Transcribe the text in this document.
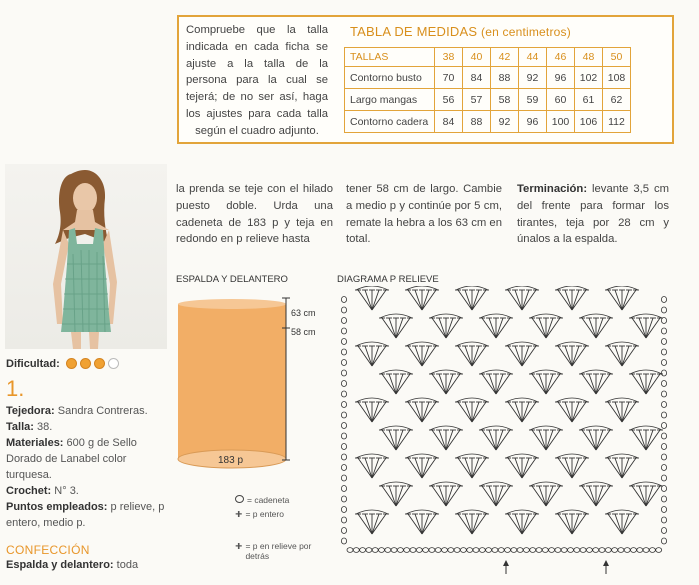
Compruebe que la talla indicada en cada ficha se ajuste a la talla de la persona para la cual se tejerá; de no ser así, haga los ajustes para cada talla según el cuadro adjunto.
TABLA DE MEDIDAS (en centimetros)
TALLAS	38	40	42	44	46	48	50
Contorno busto	70	84	88	92	96	102	108
Largo mangas	56	57	58	59	60	61	62
Contorno cadera	84	88	92	96	100	106	112
Dificultad:
1.
Tejedora: Sandra Contreras.
Talla: 38.
Materiales: 600 g de Sello Dorado de Lanabel color turquesa.
Crochet: N° 3.
Puntos empleados: p relieve, p entero, medio p.
CONFECCIÓN
Espalda y delantero: toda
la prenda se teje con el hilado puesto doble. Urda una cadeneta de 183 p y teja en redondo en p relieve hasta
tener 58 cm de largo. Cambie a medio p y continúe por 5 cm, remate la hebra a los 63 cm en total.
Terminación: levante 3,5 cm del frente para formar los tirantes, teja por 28 cm y únalos a la espalda.
ESPALDA Y DELANTERO
63 cm
58 cm
183 p
= cadeneta
ⵜ = p entero
ⵜ = p en relieve por detrás
DIAGRAMA P RELIEVE
